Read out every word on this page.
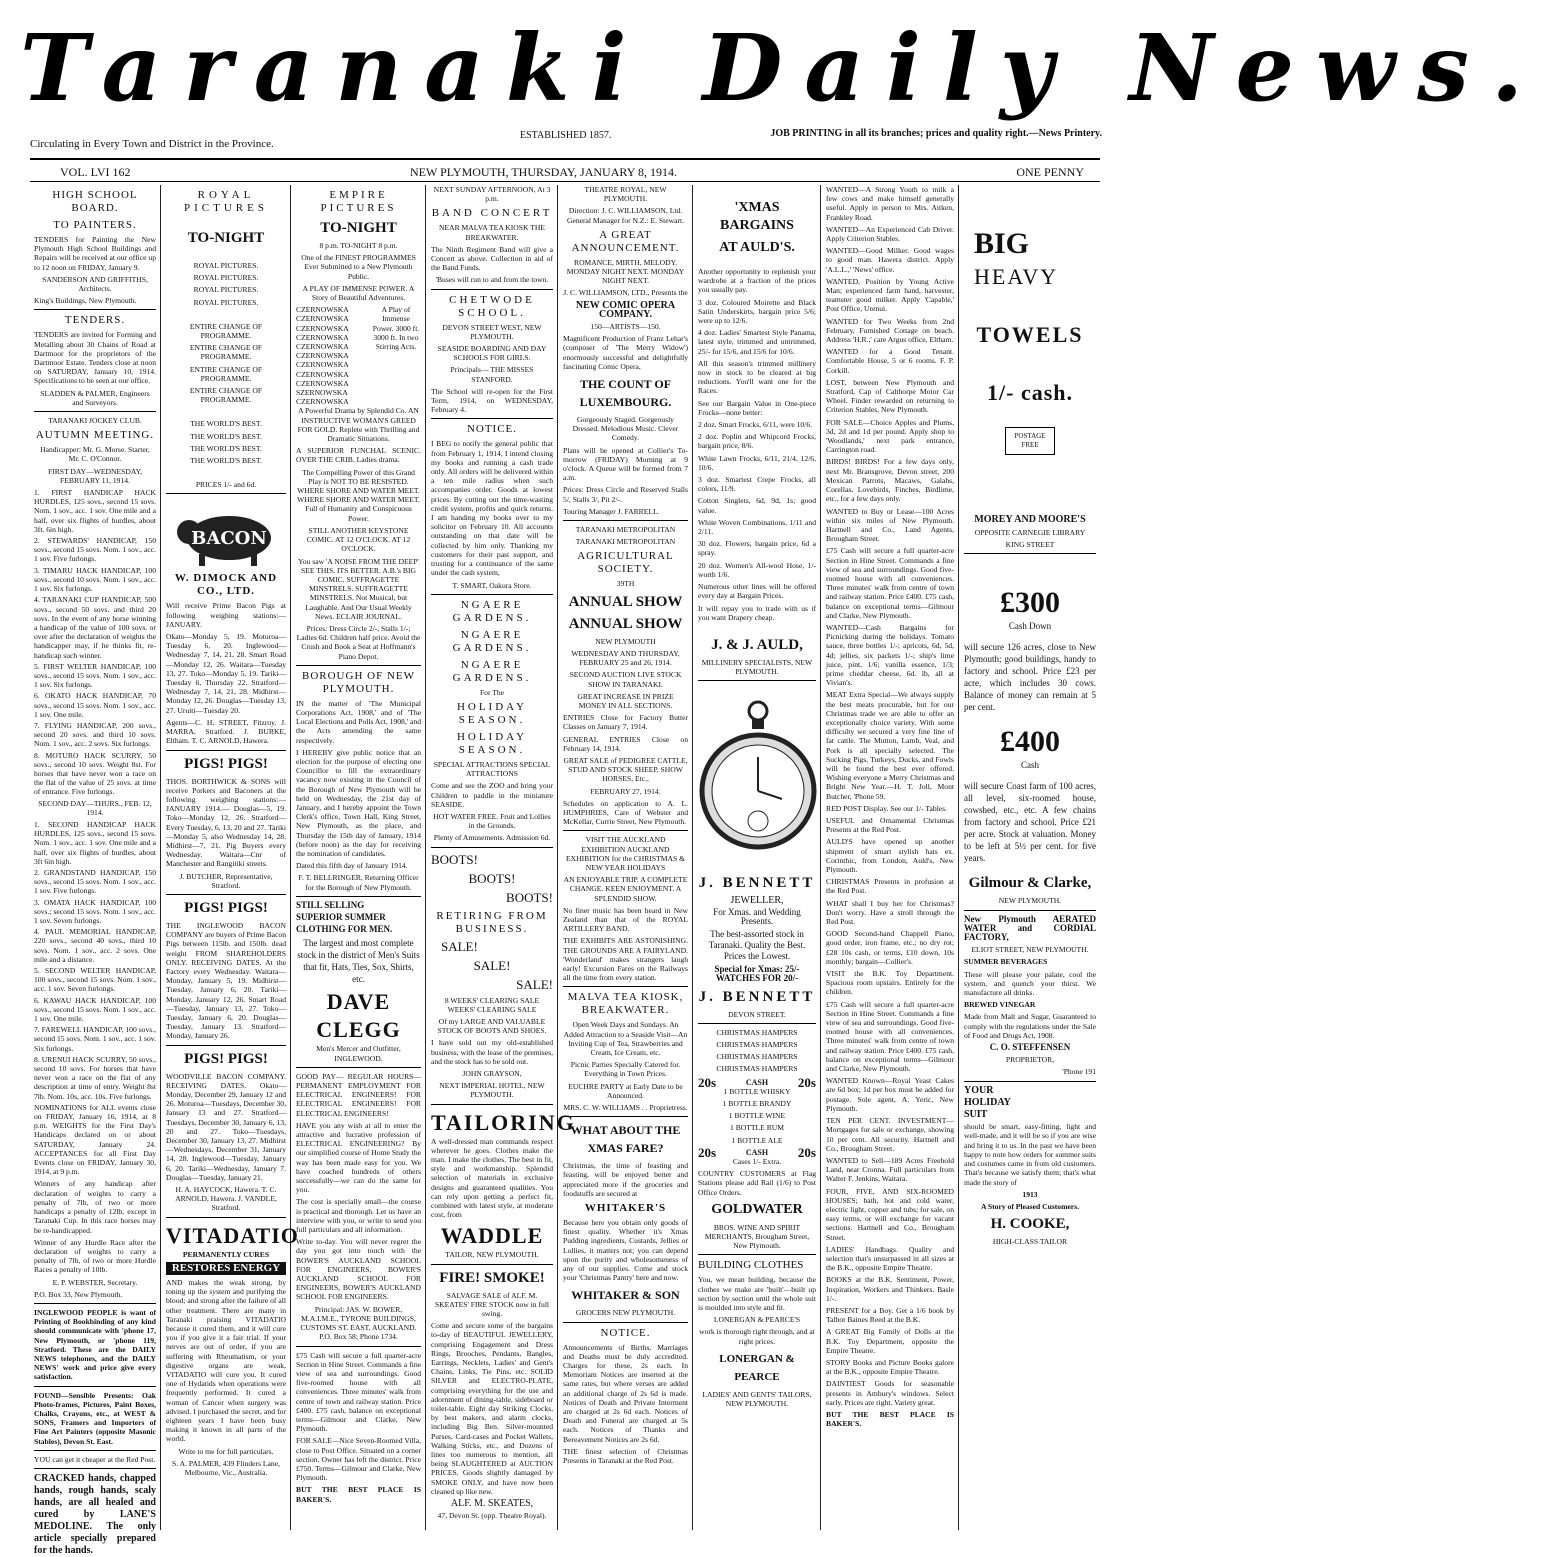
Taranaki Daily News.
Circulating in Every Town and District in the Province.
ESTABLISHED 1857.	JOB PRINTING in all its branches; prices and quality right.—News Printery.
VOL. LVI 162	NEW PLYMOUTH, THURSDAY, JANUARY 8, 1914.	ONE PENNY
HIGH SCHOOL BOARD.
TO PAINTERS.

TENDERS for Painting the New Plymouth High School Buildings and Repairs will be received at our office up to 12 noon on FRIDAY, January 9.

SANDERSON AND GRIFFITHS, Architects.

King's Buildings, New Plymouth.

TENDERS.

TENDERS are invited for Forming and Metalling about 30 Chains of Road at Dartmoor for the proprietors of the Dartmoor Estate. Tenders close at noon on SATURDAY, January 10, 1914. Specifications to be seen at our office.

SLADDEN & PALMER, Engineers and Surveyors.

TARANAKI JOCKEY CLUB.

AUTUMN MEETING.

Handicapper: Mr. G. Morse. Starter, Mr. C. O'Connor.

FIRST DAY—WEDNESDAY, FEBRUARY 11, 1914.

1. FIRST HANDICAP HACK HURDLES, 125 sovs., second 15 sovs. Nom. 1 sov., acc. 1 sov. One mile and a half, over six flights of hurdles, about 3ft. 6in high.
2. STEWARDS' HANDICAP, 150 sovs., second 15 sovs. Nom. 1 sov., acc. 1 sov. Five furlongs.
3. TIMARU HACK HANDICAP, 100 sovs., second 10 sovs. Nom. 1 sov., acc. 1 sov. Six furlongs.
4. TARANAKI CUP HANDICAP, 500 sovs., second 50 sovs. and third 20 sovs. In the event of any horse winning a handicap of the value of 100 sovs. or over after the declaration of weights the handicapper may, if he thinks fit, re-handicap such winner.
5. FIRST WELTER HANDICAP, 100 sovs., second 15 sovs. Nom. 1 sov., acc. 1 sov. Six furlongs.
6. OKATO HACK HANDICAP, 70 sovs., second 15 sovs. Nom. 1 sov., acc. 1 sov. One mile.
7. FLYING HANDICAP, 200 sovs., second 20 sovs. and third 10 sovs. Nom. 1 sov., acc. 2 sovs. Six furlongs.
8. MOTURO HACK SCURRY, 50 sovs., second 10 sovs. Weight 8st. For horses that have never won a race on the flat of the value of 25 sovs. at time of entrance. Five furlongs.

SECOND DAY—THURS., FEB. 12, 1914.

1. SECOND HANDICAP HACK HURDLES, 125 sovs., second 15 sovs. Nom. 1 sov., acc. 1 sov. One mile and a half, over six flights of hurdles, about 3ft 6in high.
2. GRANDSTAND HANDICAP, 150 sovs., second 15 sovs. Nom. 1 sov., acc. 1 sov. Five furlongs.
3. OMATA HACK HANDICAP, 100 sovs.; second 15 sovs. Nom. 1 sov., acc. 1 sov. Seven furlongs.
4. PAUL MEMORIAL HANDICAP, 220 sovs., second 40 sovs., third 10 sovs. Nom. 1 sov., acc. 2 sovs. One mile and a distance.
5. SECOND WELTER HANDICAP, 100 sovs., second 15 sovs. Nom. 1 sov., acc. 1 sov. Seven furlongs.
6. KAWAU HACK HANDICAP, 100 sovs., second 15 sovs. Nom. 1 sov., acc. 1 sov. One mile.
7. FAREWELL HANDICAP, 100 sovs., second 15 sovs. Nom. 1 sov., acc. 1 sov. Six furlongs.
8. URENUI HACK SCURRY, 50 sovs., second 10 sovs. For horses that have never won a race on the flat of any description at time of entry. Weight 8st 7lb. Nom. 10s, acc. 10s. Five furlongs.

NOMINATIONS for ALL events close on FRIDAY, January 16, 1914, at 8 p.m. WEIGHTS for the First Day's Handicaps declared on or about SATURDAY, January 24. ACCEPTANCES for all First Day Events close on FRIDAY, January 30, 1914, at 9 p.m.

Winners of any handicap after declaration of weights to carry a penalty of 7lb, of two or more handicaps a penalty of 12lb, except in Taranaki Cup. In this race horses may be re-handicapped.

Winner of any Hurdle Race after the declaration of weights to carry a penalty of 7lb, of two or more Hurdle Races a penalty of 10lb.

E. P. WEBSTER, Secretary.

P.O. Box 33, New Plymouth.

INGLEWOOD PEOPLE is want of Printing of Bookbinding of any kind should communicate with 'phone 17, New Plymouth, or 'phone 119, Stratford. These are the DAILY NEWS telephones, and the DAILY NEWS' work and price give every satisfaction.

FOUND—Sensible Presents: Oak Photo-frames, Pictures, Paint Boxes, Chalks, Crayons, etc., at WEST & SONS, Framers and Importers of Fine Art Painters (opposite Masonic Stables), Devon St. East.

YOU can get it cheaper at the Red Post.

CRACKED hands, chapped hands, rough hands, scaly hands, are all healed and cured by LANE'S MEDOLINE. The only article specially prepared for the hands.

ROYAL PICTURES
TO-NIGHT

ROYAL PICTURES.

ROYAL PICTURES.

ROYAL PICTURES.

ROYAL PICTURES.

ENTIRE CHANGE OF PROGRAMME.

ENTIRE CHANGE OF PROGRAMME.

ENTIRE CHANGE OF PROGRAMME.

ENTIRE CHANGE OF PROGRAMME.

THE WORLD'S BEST.

THE WORLD'S BEST.

THE WORLD'S BEST.

THE WORLD'S BEST.

PRICES 1/- and 6d.

BACON
W. DIMOCK AND CO., LTD.

Will receive Prime Bacon Pigs at following weighing stations:— JANUARY.

Okato—Monday 5, 19. Moturoa—Tuesday 6, 20. Inglewood—Wednesday 7, 14, 21, 28. Smart Road—Monday 12, 26. Waitara—Tuesday 13, 27. Toko—Monday 5, 19. Tariki—Tuesday 6, Thursday 22. Stratford—Wednesday 7, 14, 21, 28. Midhirst—Monday 12, 26. Douglas—Tuesday 13, 27. Uruiti—Tuesday 20.

Agents—C. H. STREET, Fitzroy. J. MARRA, Stratford. J. BURKE, Eltham. T. C. ARNOLD, Hawera.

PIGS! PIGS!

THOS. BORTHWICK & SONS will receive Porkers and Baconers at the following weighing stations:— JANUARY 1914.— Douglas—5, 19. Toko—Monday 12, 26. Stratford—Every Tuesday, 6, 13, 20 and 27. Tariki—Monday 5, also Wednesday 14, 28. Midhirst—7, 21. Pig Buyers every Wednesday. Waitara—Cnr of Manchester and Rangitiki streets.

J. BUTCHER, Representative, Stratford.

PIGS! PIGS!

THE INGLEWOOD BACON COMPANY are buyers of Prime Bacon Pigs between 115lb. and 150lb. dead weight FROM SHAREHOLDERS ONLY. RECEIVING DATES. At the Factory every Wednesday. Waitara—Monday, January 5, 19. Midhirst—Tuesday, January 6, 20. Tariki—Monday, January 12, 26. Smart Road—Tuesday, January 13, 27. Toko—Tuesday, January 6, 20. Douglas—Tuesday, January 13. Stratford—Monday, January 26.

PIGS! PIGS!

WOODVILLE BACON COMPANY. RECEIVING DATES. Okato—Monday, December 29, January 12 and 26. Moturoa—Tuesdays, December 30, January 13 and 27. Stratford—Tuesdays, December 30, January 6, 13, 20 and 27. Toko—Tuesdays, December 30, January 13, 27. Midhirst—Wednesdays, December 31, January 14, 28. Inglewood—Tuesday, January 6, 20. Tariki—Wednesday, January 7. Douglas—Tuesday, January 21.

H. A. HAYCOCK, Hawera. T. C. ARNOLD, Hawera. J. VANDLE, Stratford.

VITADATIO

PERMANENTLY CURES

RESTORES ENERGY

AND makes the weak strong, by toning up the system and purifying the blood; and strong after the failure of all other treatment. There are many in Taranaki praising VITADATIO because it cured them, and it will cure you if you give it a fair trial. If your nerves are out of order, if you are suffering with Rheumatism, or your digestive organs are weak, VITADATIO will cure you. It cured one of Hydatids when operations were frequently performed. It cured a woman of Cancer when surgery was advised. I purchased the secret, and for eighteen years I have been busy making it known in all parts of the world.

Write to me for full particulars.

S. A. PALMER, 439 Flinders Lane, Melbourne, Vic., Australia.

EMPIRE PICTURES
TO-NIGHT

8 p.m. TO-NIGHT 8 p.m.

One of the FINEST PROGRAMMES Ever Submitted to a New Plymouth Public.

A PLAY OF IMMENSE POWER. A Story of Beautiful Adventures.

CZERNOWSKA
CZERNOWSKA
CZERNOWSKA
CZERNOWSKA
CZERNOWSKA
CZERNOWSKA
CZERNOWSKA
CZERNOWSKA
CZERNOWSKA
SZERNOWSKA
CZERNOWSKA
A Play of Immense Power. 3000 ft. 3000 ft. In two Stirring Acts.

A Powerful Drama by Splendid Co. AN INSTRUCTIVE WOMAN'S GREED FOR GOLD. Replete with Thrilling and Dramatic Situations.

A SUPERIOR FUNCHAL SCENIC. OVER THE CRIB. Ladies drama.

The Compelling Power of this Grand Play is NOT TO BE RESISTED. WHERE SHORE AND WATER MEET. WHERE SHORE AND WATER MEET. Full of Humanity and Conspicuous Power.

STILL ANOTHER KEYSTONE COMIC. AT 12 O'CLOCK. AT 12 O'CLOCK.

You saw 'A NOISE FROM THE DEEP' SEE THIS. ITS BETTER. A.B.'s BIG COMIC. SUFFRAGETTE MINSTRELS. SUFFRAGETTE MINSTRELS. Not Musical, but Laughable. And Our Usual Weekly News. ECLAIR JOURNAL.

Prices: Dress Circle 2/-, Stalls 1/-; Ladies 6d. Children half price. Avoid the Crush and Book a Seat at Hoffmann's Piano Depot.

BOROUGH OF NEW PLYMOUTH.

IN the matter of 'The Municipal Corporations Act, 1908,' and of 'The Local Elections and Polls Act, 1908,' and the Acts amending the same respectively.

I HEREBY give public notice that an election for the purpose of electing one Councillor to fill the extraordinary vacancy now existing in the Council of the Borough of New Plymouth will be held on Wednesday, the 21st day of January, and I hereby appoint the Town Clerk's office, Town Hall, King Street, New Plymouth, as the place, and Thursday the 15th day of January, 1914 (before noon) as the day for receiving the nomination of candidates.

Dated this fifth day of January 1914.

F. T. BELLRINGER, Returning Officer for the Borough of New Plymouth.

STILL SELLING

SUPERIOR SUMMER

CLOTHING FOR MEN.

The largest and most complete stock in the district of Men's Suits that fit, Hats, Ties, Sox, Shirts, etc.

DAVE CLEGG

Men's Mercer and Outfitter, INGLEWOOD.

GOOD PAY— REGULAR HOURS— PERMANENT EMPLOYMENT FOR ELECTRICAL ENGINEERS! FOR ELECTRICAL ENGINEERS! FOR ELECTRICAL ENGINEERS!

HAVE you any wish at all to enter the attractive and lucrative profession of ELECTRICAL ENGINEERING? By our simplified course of Home Study the way has been made easy for you. We have coached hundreds of others successfully—we can do the same for you.

The cost is specially small—the course is practical and thorough. Let us have an interview with you, or write to send you full particulars and all information.

Write to-day. You will never regret the day you got into touch with the BOWER'S AUCKLAND SCHOOL FOR ENGINEERS, BOWER'S AUCKLAND SCHOOL FOR ENGINEERS, BOWER'S AUCKLAND SCHOOL FOR ENGINEERS.

Principal: JAS. W. BOWER, M.A.I.M.E., TYRONE BUILDINGS, CUSTOMS ST. EAST, AUCKLAND. P.O. Box 58; Phone 1734.

£75 Cash will secure a full quarter-acre Section in Hine Street. Commands a fine view of sea and surroundings. Good five-roomed house with all conveniences. Three minutes' walk from centre of town and railway station. Price £400. £75 cash, balance on exceptional terms—Gilmour and Clarke, New Plymouth.

FOR SALE—Nice Seven-Roomed Villa, close to Post Office. Situated on a corner section. Owner has left the district. Price £750. Terms—Gilmour and Clarke, New Plymouth.

BUT THE BEST PLACE IS BAKER'S.

NEXT SUNDAY AFTERNOON, At 3 p.m.

BAND CONCERT

NEAR MALVA TEA KIOSK THE BREAKWATER.

The Ninth Regiment Band will give a Concert as above. Collection in aid of the Band Funds.

'Buses will run to and from the town.

CHETWODE SCHOOL.

DEVON STREET WEST, NEW PLYMOUTH.

SEASIDE BOARDING AND DAY SCHOOLS FOR GIRLS.

Principals— THE MISSES STANFORD.

The School will re-open for the First Term, 1914, on WEDNESDAY, February 4.

NOTICE.

I BEG to notify the general public that from February 1, 1914, I intend closing my books and running a cash trade only. All orders will be delivered within a ten mile radius when such accompanies order. Goods at lowest prices. By cutting out the time-wasting credit system, profits and quick returns. I am handing my books over to my solicitor on February 10. All accounts outstanding on that date will be collected by him only. Thanking my customers for their past support, and trusting for a continuance of the same under the cash system,

T. SMART, Oakura Store.

NGAERE GARDENS.
NGAERE GARDENS.
NGAERE GARDENS.

For The

HOLIDAY SEASON.
HOLIDAY SEASON.

SPECIAL ATTRACTIONS SPECIAL ATTRACTIONS

Come and see the ZOO and bring your Children to paddle in the miniature SEASIDE.

HOT WATER FREE. Fruit and Lollies in the Grounds.

Plenty of Amusements. Admission 6d.

BOOTS!

BOOTS!

BOOTS!

RETIRING FROM BUSINESS.

SALE!

SALE!

SALE!

8 WEEKS' CLEARING SALE WEEKS' CLEARING SALE

Of my LARGE AND VALUABLE STOCK OF BOOTS AND SHOES.

I have sold out my old-established business, with the lease of the premises, and the stock has to be sold out.

JOHN GRAYSON,

NEXT IMPERIAL HOTEL, NEW PLYMOUTH.

TAILORING

A well-dressed man commands respect wherever he goes. Clothes make the man. I make the clothes. The best in fit, style and workmanship. Splendid selection of materials in exclusive designs and guaranteed qualities. You can rely upon getting a perfect fit, combined with latest style, at moderate cost, from

WADDLE

TAILOR, NEW PLYMOUTH.

FIRE! SMOKE!

SALVAGE SALE of ALF. M. SKEATES' FIRE STOCK now in full swing.

Come and secure some of the bargains to-day of BEAUTIFUL JEWELLERY, comprising Engagement and Dress Rings, Brooches, Pendants, Bangles, Earrings, Necklets, Ladies' and Gent's Chains, Links, Tie Pins, etc. SOLID SILVER and ELECTRO-PLATE, comprising everything for the use and adornment of dining-table, sideboard or toilet-table. Eight day Striking Clocks, by best makers, and alarm clocks, including Big Ben. Silver-mounted Purses, Card-cases and Pocket Wallets, Walking Sticks, etc., and Dozens of lines too numerous to mention, all being SLAUGHTERED at AUCTION PRICES. Goods slightly damaged by SMOKE ONLY, and have now been cleaned up like new.

ALF. M. SKEATES,

47, Devon St. (opp. Theatre Royal).

THEATRE ROYAL, NEW PLYMOUTH.

Direction: J. C. WILLIAMSON, Ltd. General Manager for N.Z.: E. Stewart.

A GREAT ANNOUNCEMENT.

ROMANCE, MIRTH, MELODY. MONDAY NIGHT NEXT. MONDAY NIGHT NEXT.

J. C. WILLIAMSON, LTD., Presents the

NEW COMIC OPERA COMPANY.

150—ARTISTS—150.

Magnificent Production of Franz Lehar's (composer of 'The Merry Widow') enormously successful and delightfully fascinating Comic Opera,

THE COUNT OF LUXEMBOURG.

Gorgeously Staged. Gorgeously Dressed. Melodious Music. Clever Comedy.

Plans will be opened at Collier's To-morrow (FRIDAY) Morning at 9 o'clock. A Queue will be formed from 7 a.m.

Prices: Dress Circle and Reserved Stalls 5/, Stalls 3/, Pit 2/-.

Touring Manager J. FARRELL.

TARANAKI METROPOLITAN

TARANAKI METROPOLITAN

AGRICULTURAL SOCIETY.

39TH

ANNUAL SHOW
ANNUAL SHOW

NEW PLYMOUTH

WEDNESDAY AND THURSDAY, FEBRUARY 25 and 26, 1914.

SECOND AUCTION LIVE STOCK SHOW IN TARANAKI.

GREAT INCREASE IN PRIZE MONEY IN ALL SECTIONS.

ENTRIES Close for Factory Butter Classes on January 7, 1914.

GENERAL ENTRIES Close on February 14, 1914.

GREAT SALE of PEDIGREE CATTLE, STUD AND STOCK SHEEP, SHOW HORSES, Etc.,

FEBRUARY 27, 1914.

Schedules on application to A. L. HUMPHRIES, Care of Webster and McKellar, Currie Street, New Plymouth.

VISIT THE AUCKLAND EXHIBITION AUCKLAND EXHIBITION for the CHRISTMAS & NEW YEAR HOLIDAYS

AN ENJOYABLE TRIP. A COMPLETE CHANGE. KEEN ENJOYMENT. A SPLENDID SHOW.

No finer music has been heard in New Zealand than that of the ROYAL ARTILLERY BAND.

THE EXHIBITS ARE ASTONISHING. THE GROUNDS ARE A FAIRYLAND. 'Wonderland' makes strangers laugh early! Excursion Fares on the Railways all the time from every station.

MALVA TEA KIOSK, BREAKWATER.

Open Week Days and Sundays. An Added Attraction to a Seaside Visit—An Inviting Cup of Tea, Strawberries and Cream, Ice Cream, etc.

Picnic Parties Specially Catered for. Everything in Town Prices.

EUCHRE PARTY at Early Date to be Announced.

MRS. C. W. WILLIAMS . . Proprietress.

WHAT ABOUT THE XMAS FARE?

Christmas, the time of feasting and feasting, will be enjoyed better and appreciated more if the groceries and foodstuffs are secured at

WHITAKER'S

Because here you obtain only goods of finest quality. Whether it's Xmas Pudding ingredients, Custards, Jellies or Lollies, it matters not; you can depend upon the purity and wholesomeness of any of our supplies. Come and stock your 'Christmas Pantry' here and now.

WHITAKER & SON

GROCERS NEW PLYMOUTH.

NOTICE.

Announcements of Births, Marriages and Deaths must be duly accredited. Charges for these, 2s each. In Memoriam Notices are inserted at the same rates, but where verses are added an additional charge of 2s 6d is made. Notices of Death and Private Interment are charged at 2s 6d each. Notices of Death and Funeral are charged at 5s each. Notices of Thanks and Bereavement Notices are 2s 6d.

THE finest selection of Christmas Presents in Taranaki at the Red Post.

'XMAS BARGAINS
AT AULD'S.

Another opportunity to replenish your wardrobe at a fraction of the prices you usually pay.

3 doz. Coloured Moirette and Black Satin Underskirts, bargain price 5/6; were up to 12/6.

4 doz. Ladies' Smartest Style Panama, latest style, trimmed and untrimmed, 25/- for 15/6, and 15/6 for 10/6.

All this season's trimmed millinery now in stock to be cleared at big reductions. You'll want one for the Races.

See our Bargain Value in One-piece Frocks—none better:

2 doz. Smart Frocks, 6/11, were 10/6.

2 doz. Poplin and Whipcord Frocks, bargain price, 8/6.

White Lawn Frocks, 6/11, 21/4, 12/6, 10/6.

3 doz. Smartest Crepe Frocks, all colors, 11/9.

Cotton Singlets, 6d, 9d, 1s; good value.

White Woven Combinations, 1/11 and 2/11.

30 doz. Flowers, bargain price, 6d a spray.

20 doz. Women's All-wool Hose, 1/- worth 1/6.

Numerous other lines will be offered every day at Bargain Prices.

It will repay you to trade with us if you want Drapery cheap.

J. & J. AULD,

MILLINERY SPECIALISTS, NEW PLYMOUTH.

J. BENNETT

JEWELLER,

For Xmas. and Wedding Presents.

The best-assorted stock in Taranaki. Quality the Best. Prices the Lowest.

Special for Xmas: 25/- WATCHES FOR 20/-

J. BENNETT

DEVON STREET.

CHRISTMAS HAMPERS

CHRISTMAS HAMPERS

CHRISTMAS HAMPERS

CHRISTMAS HAMPERS

20s	CASH 20s

1 BOTTLE WHISKY

1 BOTTLE BRANDY

1 BOTTLE WINE

1 BOTTLE RUM

1 BOTTLE ALE

20s	CASH 20s

Cases 1/- Extra.

COUNTRY CUSTOMERS at Flag Stations please add Rail (1/6) to Post Office Orders.

GOLDWATER

BROS. WINE AND SPIRIT MERCHANTS, Brougham Street, New Plymouth.

BUILDING CLOTHES

You, we mean building, because the clothes we make are 'built'—built up section by section until the whole suit is moulded into style and fit.

LONERGAN & PEARCE'S

work is thorough right through, and at right prices.

LONERGAN & PEARCE

LADIES' AND GENTS' TAILORS, NEW PLYMOUTH.

WANTED—A Strong Youth to milk a few cows and make himself generally useful. Apply in person to Mrs. Aitken, Frankley Road.

WANTED—An Experienced Cab Driver. Apply Criterion Stables.

WANTED—Good Milker. Good wages to good man. Hawera district. Apply 'A.L.L.,' 'News' office.

WANTED, Position by Young Active Man; experienced farm hand, harvester, teamster good milker. Apply 'Capable,' Post Office, Urenui.

WANTED for Two Weeks from 2nd February, Furnished Cottage on beach. Address 'H.R.,' care Argus office, Eltham.

WANTED for a Good Tenant. Comfortable House, 5 or 6 rooms. F. P. Corkill.

LOST, between New Plymouth and Stratford, Cap of Calthorpe Motor Car Wheel. Finder rewarded on returning to Criterion Stables, New Plymouth.

FOR SALE—Choice Apples and Plums, 3d, 2d and 1d per pound. Apply shop to 'Woodlands,' next park entrance, Carrington road.

BIRDS! BIRDS! For a few days only, next Mr. Bransgrove, Devon street, 200 Mexican Parrots, Macaws, Galahs, Corellas, Lovebirds, Finches, Birdlime, etc., for a few days only.

WANTED to Buy or Lease—100 Acres within six miles of New Plymouth. Hartnell and Co., Land Agents, Brougham Street.

£75 Cash will secure a full quarter-acre Section in Hine Street. Commands a fine view of sea and surroundings. Good five-roomed house with all conveniences. Three minutes' walk from centre of town and railway station. Price £400. £75 cash, balance on exceptional terms—Gilmour and Clarke, New Plymouth.

WANTED—Cash Bargains for Picnicking during the holidays. Tomato sauce, three bottles 1/-; apricots, 6d, 5d, 4d; jellies, six packets 1/-; ship's lime juice, pint, 1/6; vanilla essence, 1/3; prime cheddar cheese, 6d. lb, all at Vivian's.

MEAT Extra Special—We always supply the best meats procurable, but for our Christmas trade we are able to offer an exceptionally choice variety. With some difficulty we secured a very fine line of fat cattle. The Mutton, Lamb, Veal, and Pork is all specially selected. The Sucking Pigs, Turkeys, Ducks, and Fowls will be found the best ever offered. Wishing everyone a Merry Christmas and Bright New Year.—H. T. Joll, Mont Butcher, 'Phone 59.

RED POST Display. See our 1/- Tables.

USEFUL and Ornamental Christmas Presents at the Red Post.

AULD'S have opened up another shipment of smart stylish hats ex. Corinthic, from London, Auld's, New Plymouth.

CHRISTMAS Presents in profusion at the Red Post.

WHAT shall I buy her for Christmas? Don't worry. Have a stroll through the Red Post.

GOOD Second-hand Chappell Piano, good order, iron frame, etc.; no dry rot; £28 10s cash, or terms, £10 down, 10s monthly; bargain—Collier's.

VISIT the B.K. Toy Department. Spacious room upstairs. Entirely for the children.

£75 Cash will secure a full quarter-acre Section in Hine Street. Commands a fine view of sea and surroundings. Good five-roomed house with all conveniences. Three minutes' walk from centre of town and railway station. Price £400. £75 cash, balance on exceptional terms—Gilmour and Clarke, New Plymouth.

WANTED Known—Royal Yeast Cakes are 6d box; 1d per box must be added for postage. Sole agent, A. Yeric, New Plymouth.

TEN PER CENT. INVESTMENT—Mortgages for sale or exchange, showing 10 per cent. All security. Hartnell and Co., Brougham Street.

WANTED to Sell—189 Acres Freehold Land, near Cronna. Full particulars from Walter F. Jenkins, Waitara.

FOUR, FIVE, AND SIX-ROOMED HOUSES; bath, hot and cold water, electric light, copper and tubs; for sale, on easy terms, or will exchange for vacant sections. Hartnell and Co., Brougham Street.

LADIES' Handbags. Quality and selection that's unsurpassed in all sizes at the B.K., opposite Empire Theatre.

BOOKS at the B.K. Sentiment, Power, Inspiration, Workers and Thinkers. Basle 1/-.

PRESENT for a Boy. Get a 1/6 book by Talbot Baines Reed at the B.K.

A GREAT Big Family of Dolls at the B.K. Toy Department, opposite the Empire Theatre.

STORY Books and Picture Books galore at the B.K., opposite Empire Theatre.

DAINTIEST Goods for seasonable presents in Ambury's windows. Select early. Prices are right. Variety great.

BUT THE BEST PLACE IS BAKER'S.

BIG
HEAVY
TOWELS
1/- cash.
POSTAGE FREE

MOREY AND MOORE'S

OPPOSITE CARNEGIE LIBRARY

KING STREET

£300

Cash Down

will secure 126 acres, close to New Plymouth; good buildings, handy to factory and school. Price £23 per acre, which includes 30 cows. Balance of money can remain at 5 per cent.

£400

Cash

will secure Coast farm of 100 acres, all level, six-roomed house, cowshed, etc., etc. A few chains from factory and school. Price £21 per acre. Stock at valuation. Money to be left at 5½ per cent. for five years.

Gilmour & Clarke,

NEW PLYMOUTH.

New Plymouth AERATED WATER and CORDIAL FACTORY,

ELIOT STREET, NEW PLYMOUTH.

SUMMER BEVERAGES

These will please your palate, cool the system, and quench your thirst. We manufacture all drinks.

BREWED VINEGAR

Made from Malt and Sugar, Guaranteed to comply with the regulations under the Sale of Food and Drugs Act, 1908.

C. O. STEFFENSEN

PROPRIETOR,

'Phone 191

YOUR

HOLIDAY

SUIT

should be smart, easy-fitting, light and well-made, and it will be so if you are wise and bring it to us. In the past we have been happy to note how orders for summer suits and costumes came in from old customers. That's because we satisfy them; that's what made the story of

1913

A Story of Pleased Customers.

H. COOKE,

HIGH-CLASS TAILOR
